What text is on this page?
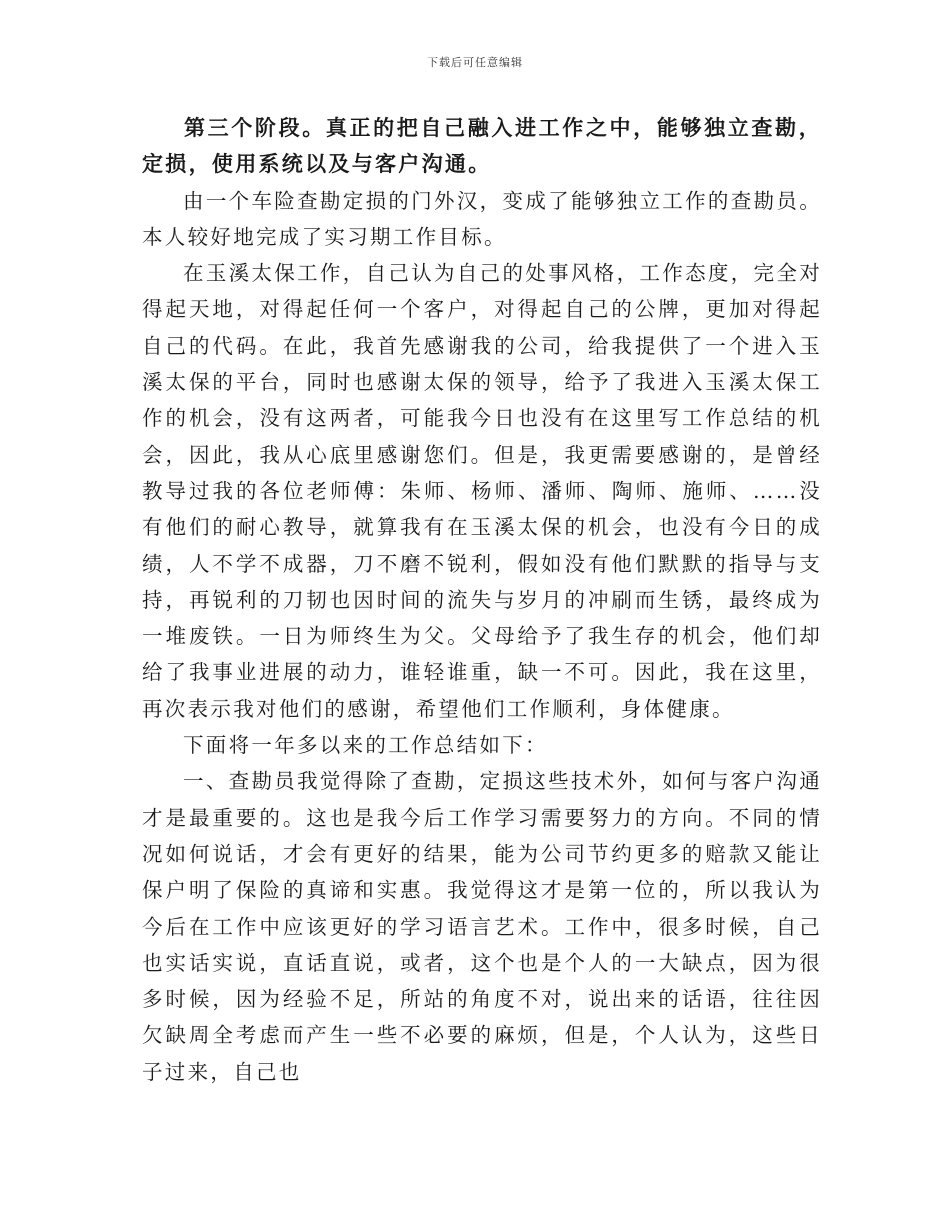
下载后可任意编辑

第三个阶段。真正的把自己融入进工作之中，能够独立查勘，定损，使用系统以及与客户沟通。

由一个车险查勘定损的门外汉，变成了能够独立工作的查勘员。本人较好地完成了实习期工作目标。

在玉溪太保工作，自己认为自己的处事风格，工作态度，完全对得起天地，对得起任何一个客户，对得起自己的公牌，更加对得起自己的代码。在此，我首先感谢我的公司，给我提供了一个进入玉溪太保的平台，同时也感谢太保的领导，给予了我进入玉溪太保工作的机会，没有这两者，可能我今日也没有在这里写工作总结的机会，因此，我从心底里感谢您们。但是，我更需要感谢的，是曾经教导过我的各位老师傅：朱师、杨师、潘师、陶师、施师、……没有他们的耐心教导，就算我有在玉溪太保的机会，也没有今日的成绩，人不学不成器，刀不磨不锐利，假如没有他们默默的指导与支持，再锐利的刀韧也因时间的流失与岁月的冲刷而生锈，最终成为一堆废铁。一日为师终生为父。父母给予了我生存的机会，他们却给了我事业进展的动力，谁轻谁重，缺一不可。因此，我在这里，再次表示我对他们的感谢，希望他们工作顺利，身体健康。

下面将一年多以来的工作总结如下：

一、查勘员我觉得除了查勘，定损这些技术外，如何与客户沟通才是最重要的。这也是我今后工作学习需要努力的方向。不同的情况如何说话，才会有更好的结果，能为公司节约更多的赔款又能让保户明了保险的真谛和实惠。我觉得这才是第一位的，所以我认为今后在工作中应该更好的学习语言艺术。工作中，很多时候，自己也实话实说，直话直说，或者，这个也是个人的一大缺点，因为很多时候，因为经验不足，所站的角度不对，说出来的话语，往往因欠缺周全考虑而产生一些不必要的麻烦，但是，个人认为，这些日子过来，自己也
